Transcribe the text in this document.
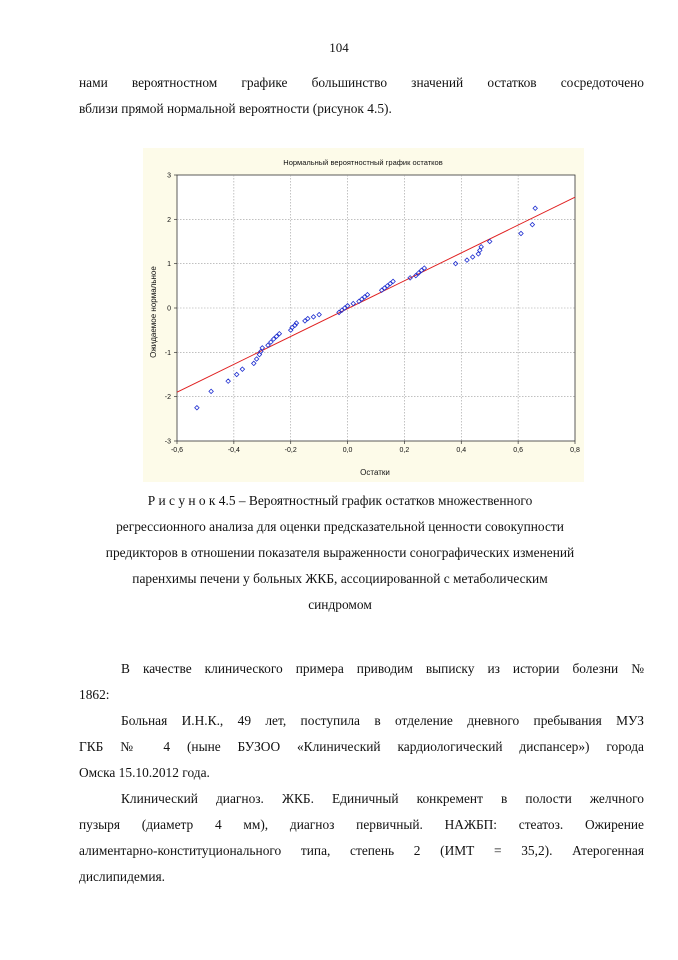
104
нами вероятностном графике большинство значений остатков сосредоточено
вблизи прямой нормальной вероятности (рисунок 4.5).
Нормальный вероятностный график остатков
-0,6	-0,4	-0,2	0,0	0,2	0,4	0,6	0,8
-3
-2
-1
0
1
2
3
Остатки
Ожидаемое нормальное
Р и с у н о к 4.5 – Вероятностный график остатков множественного
регрессионного анализа для оценки предсказательной ценности совокупности
предикторов в отношении показателя выраженности сонографических изменений
паренхимы печени у больных ЖКБ, ассоциированной с метаболическим
синдромом
В качестве клинического примера приводим выписку из истории болезни №
1862:
Больная И.Н.К., 49 лет, поступила в отделение дневного пребывания МУЗ
ГКБ № 4 (ныне БУЗОО «Клинический кардиологический диспансер») города
Омска 15.10.2012 года.
Клинический диагноз. ЖКБ. Единичный конкремент в полости желчного
пузыря (диаметр 4 мм), диагноз первичный. НАЖБП: стеатоз. Ожирение
алиментарно-конституционального типа, степень 2 (ИМТ = 35,2). Атерогенная
дислипидемия.
